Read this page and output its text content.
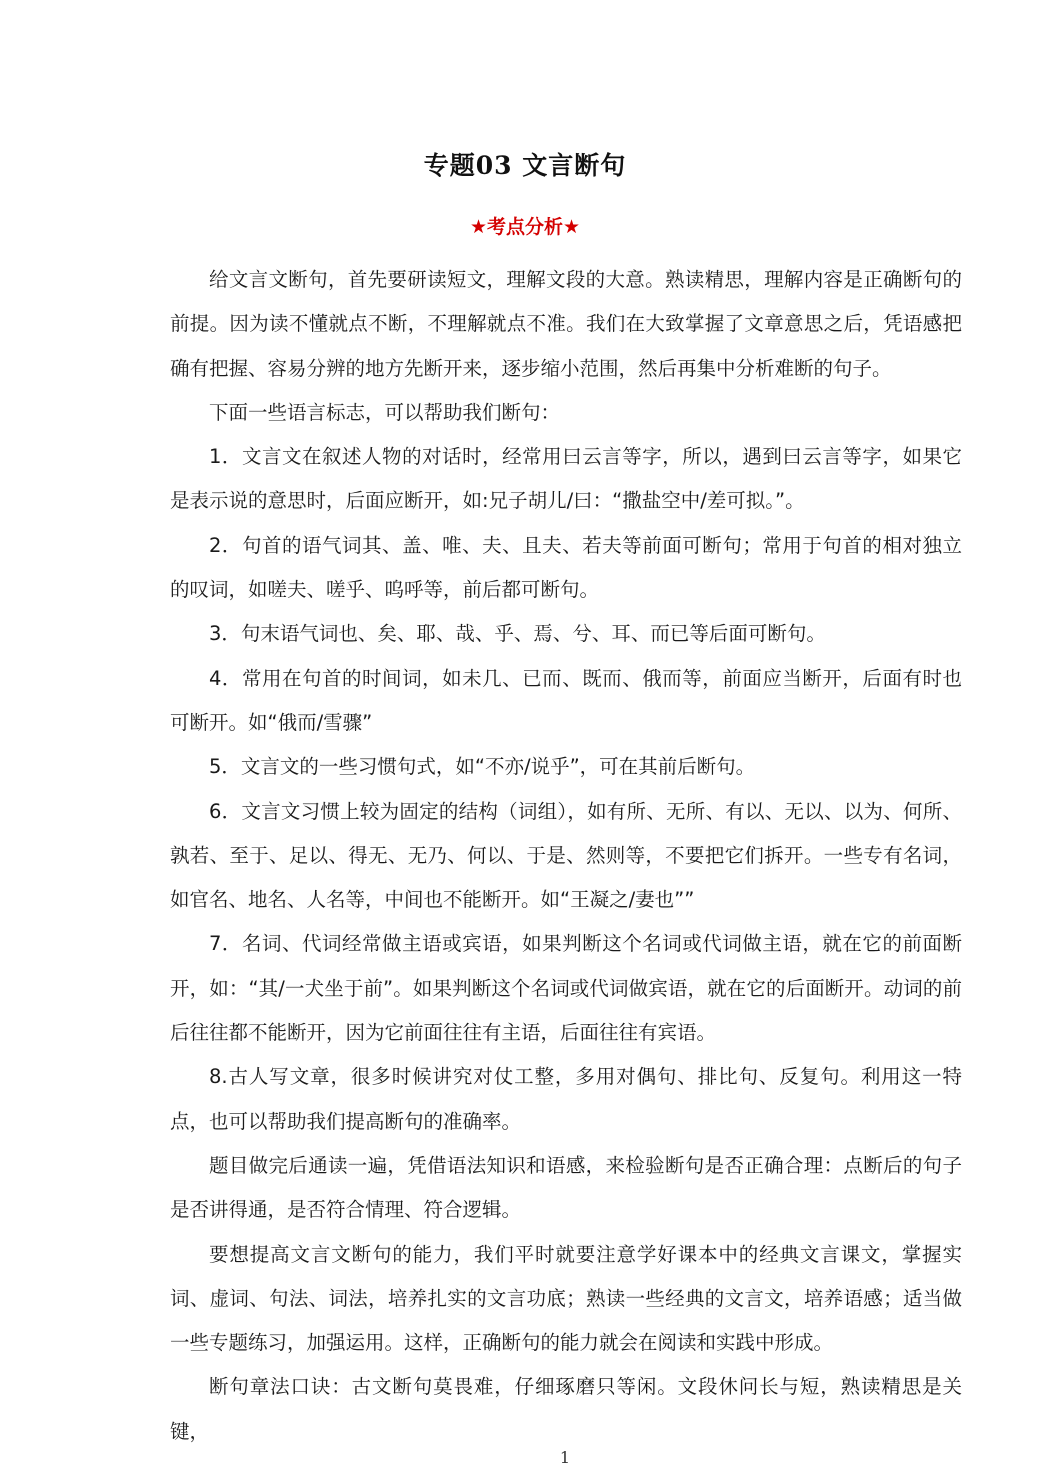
专题03 文言断句
★考点分析★

给文言文断句，首先要研读短文，理解文段的大意。熟读精思，理解内容是正确断句的前提。因为读不懂就点不断，不理解就点不准。我们在大致掌握了文章意思之后，凭语感把确有把握、容易分辨的地方先断开来，逐步缩小范围，然后再集中分析难断的句子。

下面一些语言标志，可以帮助我们断句：

1．文言文在叙述人物的对话时，经常用曰云言等字，所以，遇到曰云言等字，如果它是表示说的意思时，后面应断开，如:兄子胡儿/曰：“撒盐空中/差可拟。”。

2．句首的语气词其、盖、唯、夫、且夫、若夫等前面可断句；常用于句首的相对独立的叹词，如嗟夫、嗟乎、呜呼等，前后都可断句。

3．句末语气词也、矣、耶、哉、乎、焉、兮、耳、而已等后面可断句。

4．常用在句首的时间词，如未几、已而、既而、俄而等，前面应当断开，后面有时也可断开。如“俄而/雪骤”

5．文言文的一些习惯句式，如“不亦/说乎”，可在其前后断句。

6．文言文习惯上较为固定的结构（词组），如有所、无所、有以、无以、以为、何所、孰若、至于、足以、得无、无乃、何以、于是、然则等，不要把它们拆开。一些专有名词，如官名、地名、人名等，中间也不能断开。如“王凝之/妻也””

7．名词、代词经常做主语或宾语，如果判断这个名词或代词做主语，就在它的前面断开，如：“其/一犬坐于前”。如果判断这个名词或代词做宾语，就在它的后面断开。动词的前后往往都不能断开，因为它前面往往有主语，后面往往有宾语。

8.古人写文章，很多时候讲究对仗工整，多用对偶句、排比句、反复句。利用这一特点，也可以帮助我们提高断句的准确率。

题目做完后通读一遍，凭借语法知识和语感，来检验断句是否正确合理：点断后的句子是否讲得通，是否符合情理、符合逻辑。

要想提高文言文断句的能力，我们平时就要注意学好课本中的经典文言课文，掌握实词、虚词、句法、词法，培养扎实的文言功底；熟读一些经典的文言文，培养语感；适当做一些专题练习，加强运用。这样，正确断句的能力就会在阅读和实践中形成。

断句章法口诀：古文断句莫畏难，仔细琢磨只等闲。文段休问长与短，熟读精思是关键，

1
